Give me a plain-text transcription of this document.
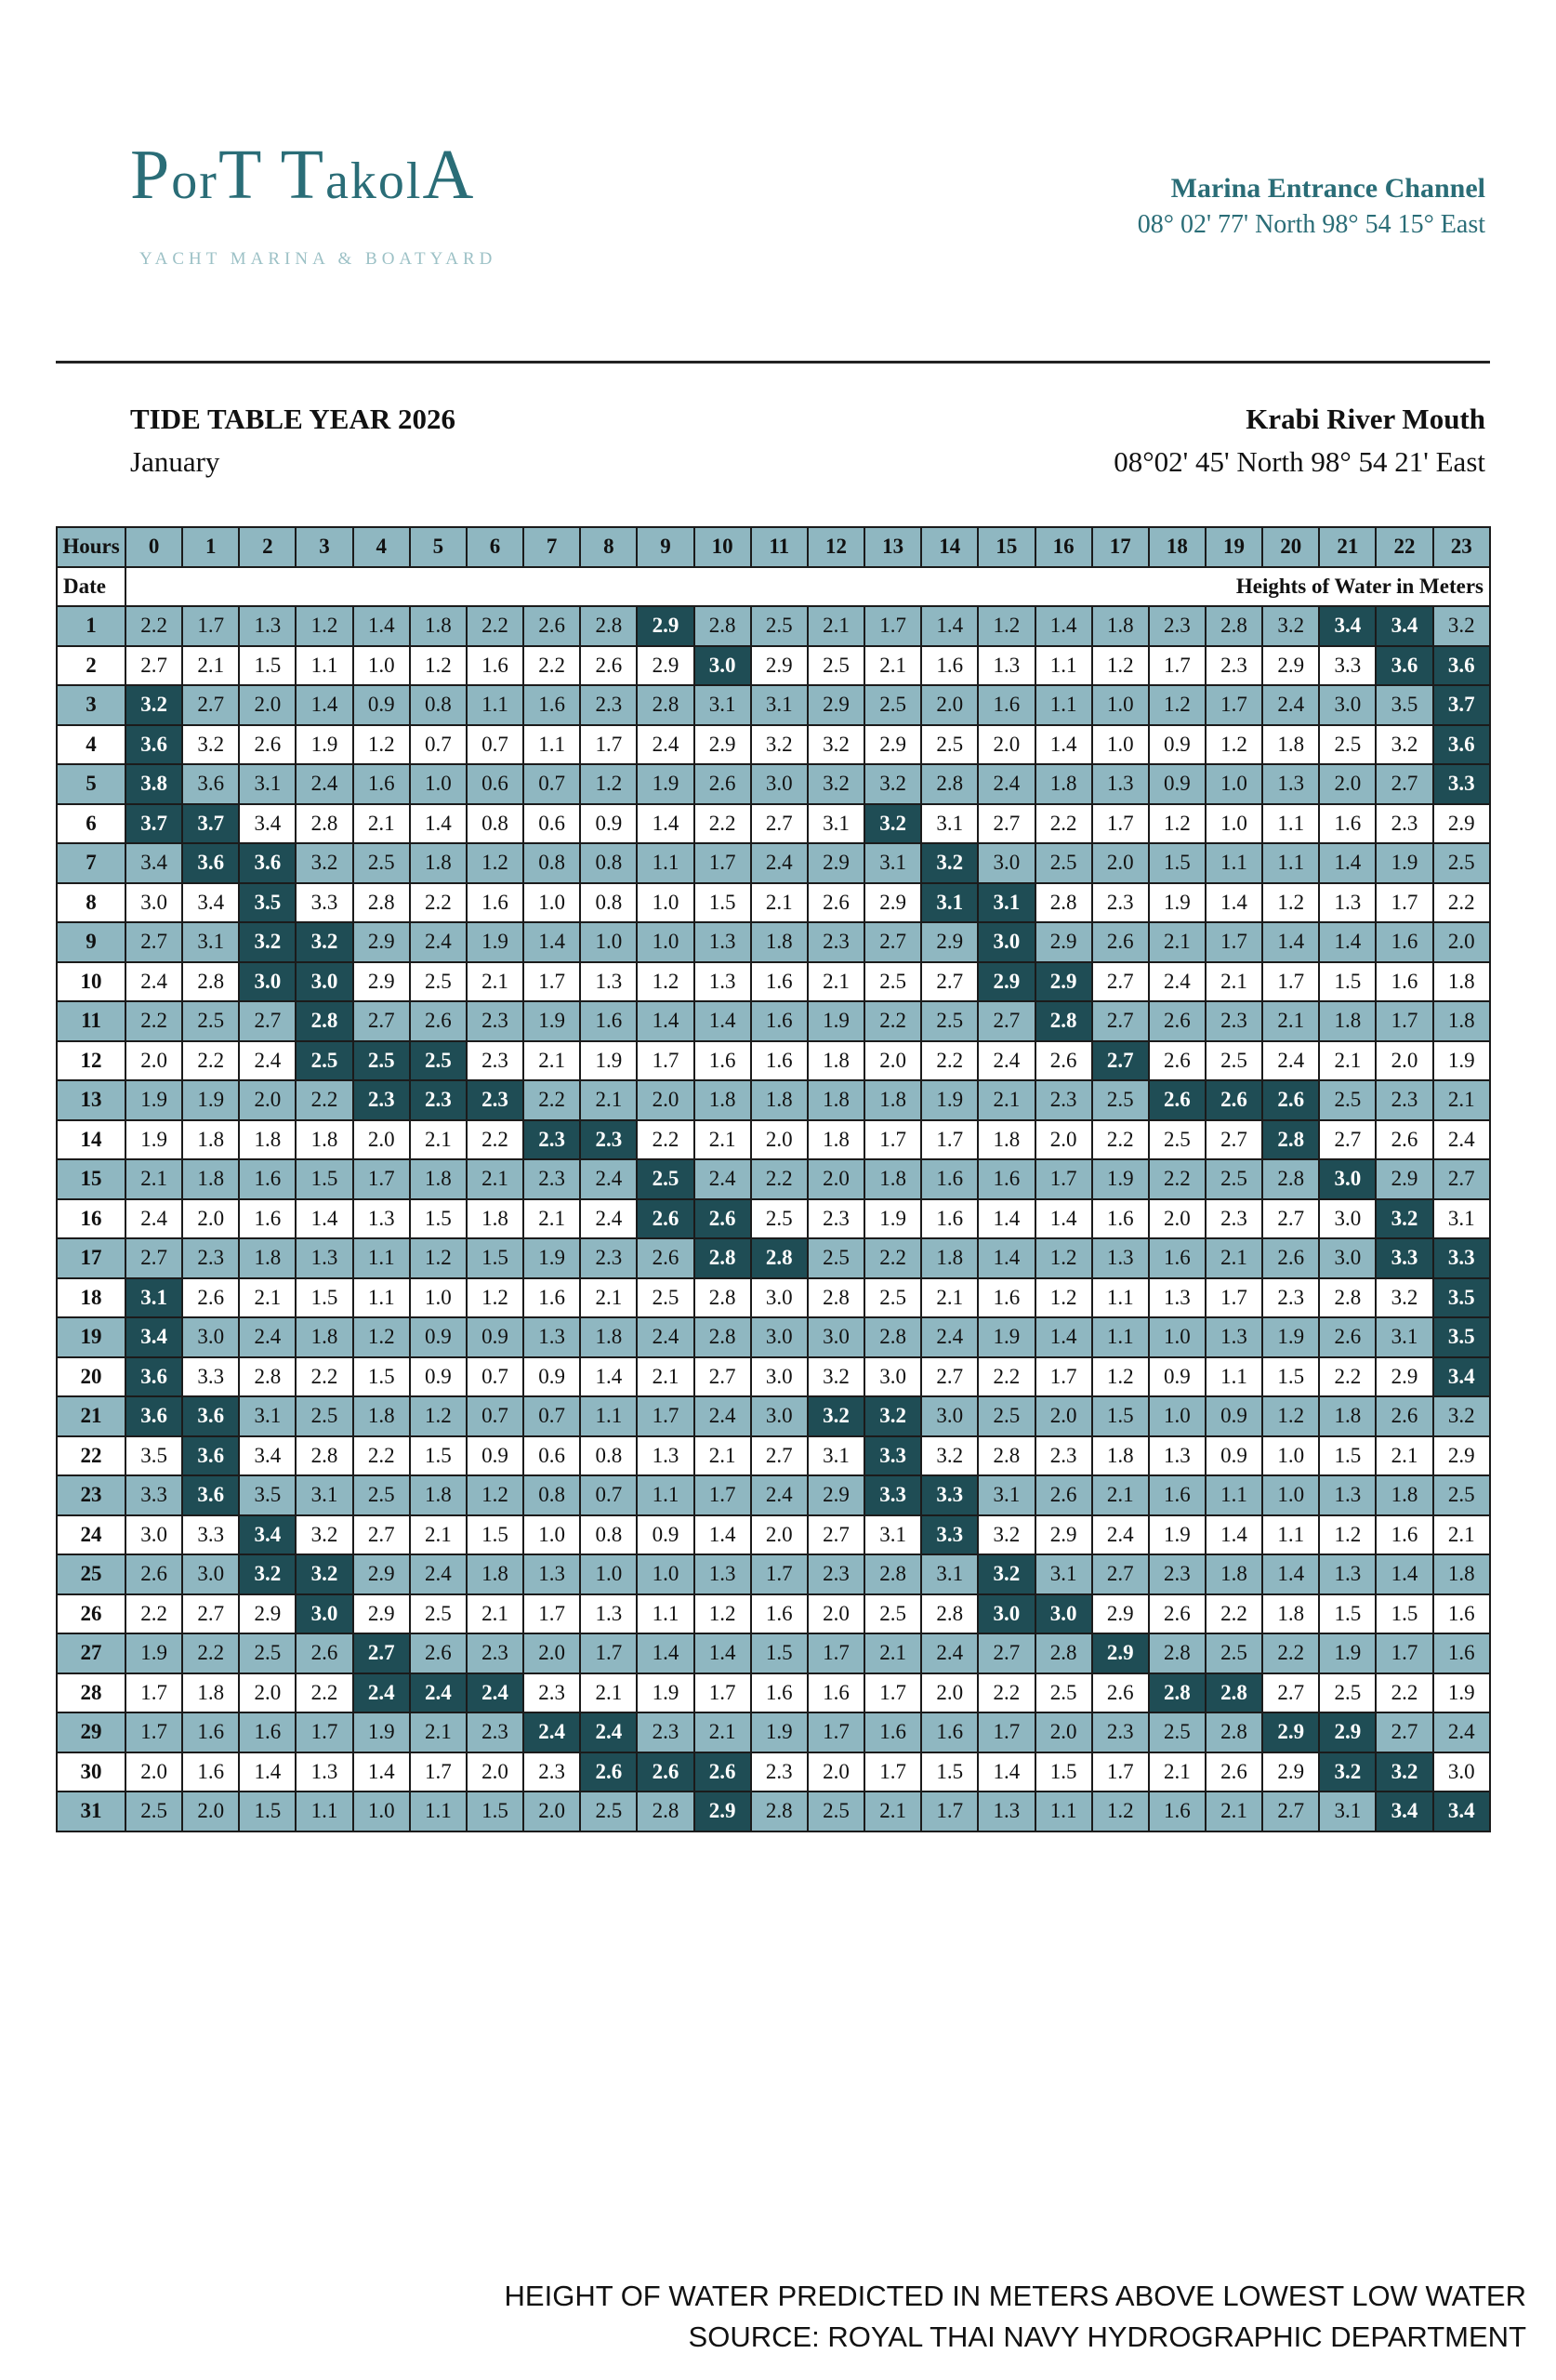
PorT TakolA
YACHT MARINA & BOATYARD
Marina Entrance Channel
08° 02' 77' North 98° 54 15° East
TIDE TABLE YEAR 2026
January
Krabi River Mouth
08°02' 45' North 98° 54 21' East
Hours	0	1	2	3	4	5	6	7	8	9	10	11	12	13	14	15	16	17	18	19	20	21	22	23
Date	Heights of Water in Meters																							
1	2.2	1.7	1.3	1.2	1.4	1.8	2.2	2.6	2.8	2.9	2.8	2.5	2.1	1.7	1.4	1.2	1.4	1.8	2.3	2.8	3.2	3.4	3.4	3.2
2	2.7	2.1	1.5	1.1	1.0	1.2	1.6	2.2	2.6	2.9	3.0	2.9	2.5	2.1	1.6	1.3	1.1	1.2	1.7	2.3	2.9	3.3	3.6	3.6
3	3.2	2.7	2.0	1.4	0.9	0.8	1.1	1.6	2.3	2.8	3.1	3.1	2.9	2.5	2.0	1.6	1.1	1.0	1.2	1.7	2.4	3.0	3.5	3.7
4	3.6	3.2	2.6	1.9	1.2	0.7	0.7	1.1	1.7	2.4	2.9	3.2	3.2	2.9	2.5	2.0	1.4	1.0	0.9	1.2	1.8	2.5	3.2	3.6
5	3.8	3.6	3.1	2.4	1.6	1.0	0.6	0.7	1.2	1.9	2.6	3.0	3.2	3.2	2.8	2.4	1.8	1.3	0.9	1.0	1.3	2.0	2.7	3.3
6	3.7	3.7	3.4	2.8	2.1	1.4	0.8	0.6	0.9	1.4	2.2	2.7	3.1	3.2	3.1	2.7	2.2	1.7	1.2	1.0	1.1	1.6	2.3	2.9
7	3.4	3.6	3.6	3.2	2.5	1.8	1.2	0.8	0.8	1.1	1.7	2.4	2.9	3.1	3.2	3.0	2.5	2.0	1.5	1.1	1.1	1.4	1.9	2.5
8	3.0	3.4	3.5	3.3	2.8	2.2	1.6	1.0	0.8	1.0	1.5	2.1	2.6	2.9	3.1	3.1	2.8	2.3	1.9	1.4	1.2	1.3	1.7	2.2
9	2.7	3.1	3.2	3.2	2.9	2.4	1.9	1.4	1.0	1.0	1.3	1.8	2.3	2.7	2.9	3.0	2.9	2.6	2.1	1.7	1.4	1.4	1.6	2.0
10	2.4	2.8	3.0	3.0	2.9	2.5	2.1	1.7	1.3	1.2	1.3	1.6	2.1	2.5	2.7	2.9	2.9	2.7	2.4	2.1	1.7	1.5	1.6	1.8
11	2.2	2.5	2.7	2.8	2.7	2.6	2.3	1.9	1.6	1.4	1.4	1.6	1.9	2.2	2.5	2.7	2.8	2.7	2.6	2.3	2.1	1.8	1.7	1.8
12	2.0	2.2	2.4	2.5	2.5	2.5	2.3	2.1	1.9	1.7	1.6	1.6	1.8	2.0	2.2	2.4	2.6	2.7	2.6	2.5	2.4	2.1	2.0	1.9
13	1.9	1.9	2.0	2.2	2.3	2.3	2.3	2.2	2.1	2.0	1.8	1.8	1.8	1.8	1.9	2.1	2.3	2.5	2.6	2.6	2.6	2.5	2.3	2.1
14	1.9	1.8	1.8	1.8	2.0	2.1	2.2	2.3	2.3	2.2	2.1	2.0	1.8	1.7	1.7	1.8	2.0	2.2	2.5	2.7	2.8	2.7	2.6	2.4
15	2.1	1.8	1.6	1.5	1.7	1.8	2.1	2.3	2.4	2.5	2.4	2.2	2.0	1.8	1.6	1.6	1.7	1.9	2.2	2.5	2.8	3.0	2.9	2.7
16	2.4	2.0	1.6	1.4	1.3	1.5	1.8	2.1	2.4	2.6	2.6	2.5	2.3	1.9	1.6	1.4	1.4	1.6	2.0	2.3	2.7	3.0	3.2	3.1
17	2.7	2.3	1.8	1.3	1.1	1.2	1.5	1.9	2.3	2.6	2.8	2.8	2.5	2.2	1.8	1.4	1.2	1.3	1.6	2.1	2.6	3.0	3.3	3.3
18	3.1	2.6	2.1	1.5	1.1	1.0	1.2	1.6	2.1	2.5	2.8	3.0	2.8	2.5	2.1	1.6	1.2	1.1	1.3	1.7	2.3	2.8	3.2	3.5
19	3.4	3.0	2.4	1.8	1.2	0.9	0.9	1.3	1.8	2.4	2.8	3.0	3.0	2.8	2.4	1.9	1.4	1.1	1.0	1.3	1.9	2.6	3.1	3.5
20	3.6	3.3	2.8	2.2	1.5	0.9	0.7	0.9	1.4	2.1	2.7	3.0	3.2	3.0	2.7	2.2	1.7	1.2	0.9	1.1	1.5	2.2	2.9	3.4
21	3.6	3.6	3.1	2.5	1.8	1.2	0.7	0.7	1.1	1.7	2.4	3.0	3.2	3.2	3.0	2.5	2.0	1.5	1.0	0.9	1.2	1.8	2.6	3.2
22	3.5	3.6	3.4	2.8	2.2	1.5	0.9	0.6	0.8	1.3	2.1	2.7	3.1	3.3	3.2	2.8	2.3	1.8	1.3	0.9	1.0	1.5	2.1	2.9
23	3.3	3.6	3.5	3.1	2.5	1.8	1.2	0.8	0.7	1.1	1.7	2.4	2.9	3.3	3.3	3.1	2.6	2.1	1.6	1.1	1.0	1.3	1.8	2.5
24	3.0	3.3	3.4	3.2	2.7	2.1	1.5	1.0	0.8	0.9	1.4	2.0	2.7	3.1	3.3	3.2	2.9	2.4	1.9	1.4	1.1	1.2	1.6	2.1
25	2.6	3.0	3.2	3.2	2.9	2.4	1.8	1.3	1.0	1.0	1.3	1.7	2.3	2.8	3.1	3.2	3.1	2.7	2.3	1.8	1.4	1.3	1.4	1.8
26	2.2	2.7	2.9	3.0	2.9	2.5	2.1	1.7	1.3	1.1	1.2	1.6	2.0	2.5	2.8	3.0	3.0	2.9	2.6	2.2	1.8	1.5	1.5	1.6
27	1.9	2.2	2.5	2.6	2.7	2.6	2.3	2.0	1.7	1.4	1.4	1.5	1.7	2.1	2.4	2.7	2.8	2.9	2.8	2.5	2.2	1.9	1.7	1.6
28	1.7	1.8	2.0	2.2	2.4	2.4	2.4	2.3	2.1	1.9	1.7	1.6	1.6	1.7	2.0	2.2	2.5	2.6	2.8	2.8	2.7	2.5	2.2	1.9
29	1.7	1.6	1.6	1.7	1.9	2.1	2.3	2.4	2.4	2.3	2.1	1.9	1.7	1.6	1.6	1.7	2.0	2.3	2.5	2.8	2.9	2.9	2.7	2.4
30	2.0	1.6	1.4	1.3	1.4	1.7	2.0	2.3	2.6	2.6	2.6	2.3	2.0	1.7	1.5	1.4	1.5	1.7	2.1	2.6	2.9	3.2	3.2	3.0
31	2.5	2.0	1.5	1.1	1.0	1.1	1.5	2.0	2.5	2.8	2.9	2.8	2.5	2.1	1.7	1.3	1.1	1.2	1.6	2.1	2.7	3.1	3.4	3.4
HEIGHT OF WATER PREDICTED IN METERS ABOVE LOWEST LOW WATER
SOURCE: ROYAL THAI NAVY HYDROGRAPHIC DEPARTMENT
